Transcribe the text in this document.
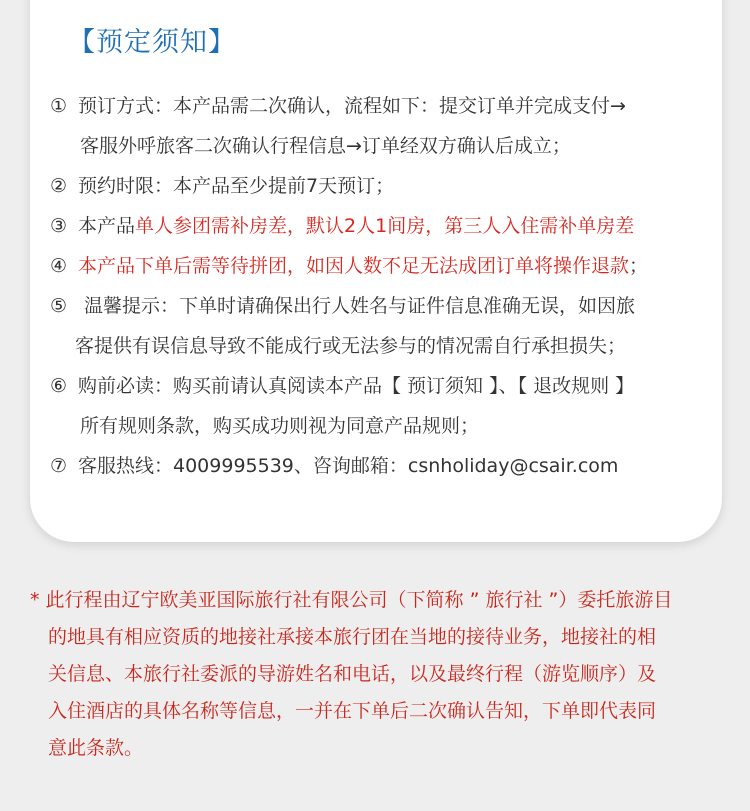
【预定须知】
① 预订方式：本产品需二次确认，流程如下：提交订单并完成支付→
客服外呼旅客二次确认行程信息→订单经双方确认后成立；
② 预约时限：本产品至少提前7天预订；
③ 本产品单人参团需补房差，默认2人1间房，第三人入住需补单房差
④ 本产品下单后需等待拼团，如因人数不足无法成团订单将操作退款；
⑤ 温馨提示：下单时请确保出行人姓名与证件信息准确无误，如因旅
客提供有误信息导致不能成行或无法参与的情况需自行承担损失；
⑥ 购前必读：购买前请认真阅读本产品【 预订须知 】、【 退改规则 】
所有规则条款，购买成功则视为同意产品规则；
⑦ 客服热线：4009995539、咨询邮箱：csnholiday@csair.com
* 此行程由辽宁欧美亚国际旅行社有限公司（下简称 ” 旅行社 ”）委托旅游目
的地具有相应资质的地接社承接本旅行团在当地的接待业务，地接社的相
关信息、本旅行社委派的导游姓名和电话，以及最终行程（游览顺序）及
入住酒店的具体名称等信息，一并在下单后二次确认告知，下单即代表同
意此条款。
